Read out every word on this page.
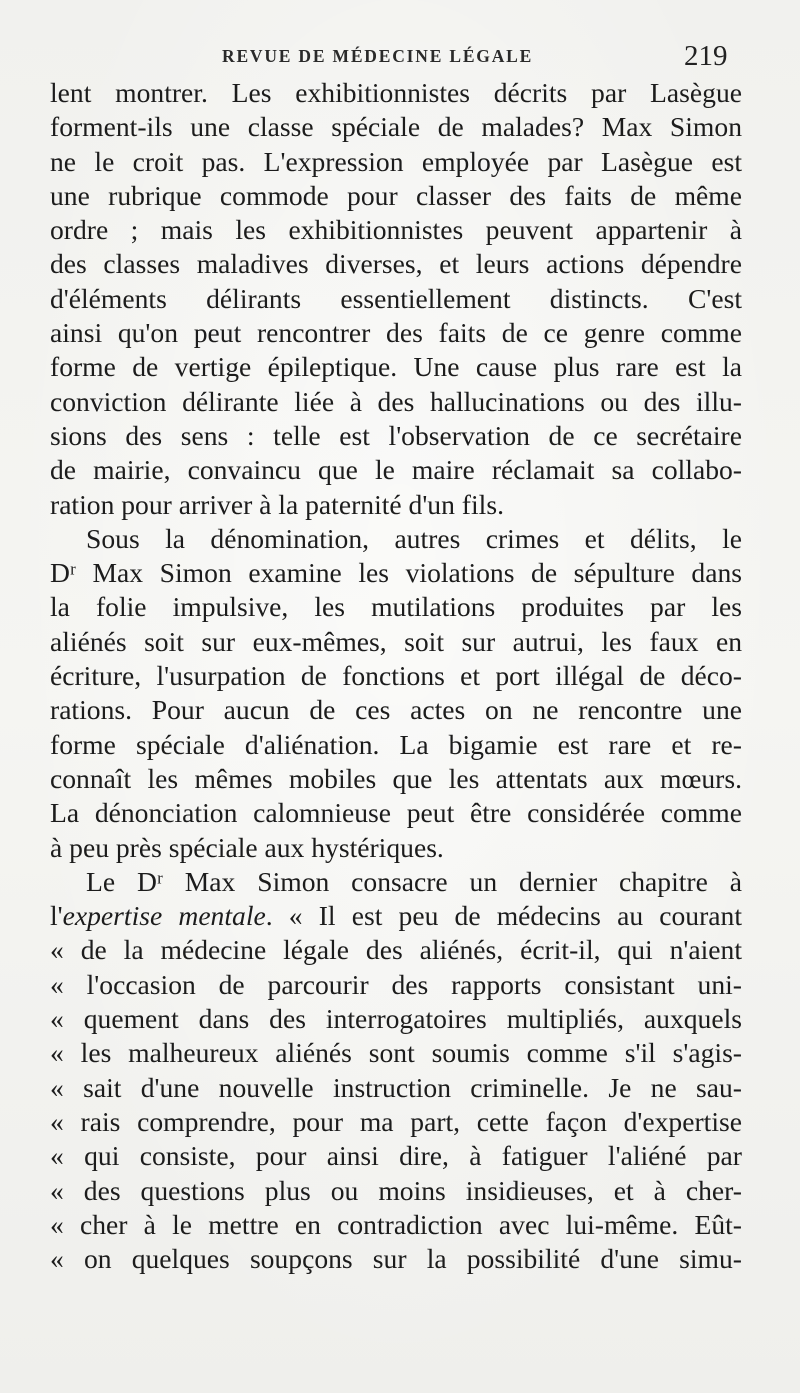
REVUE DE MÉDECINE LÉGALE	219
lent montrer. Les exhibitionnistes décrits par Lasègue
forment-ils une classe spéciale de malades? Max Simon
ne le croit pas. L'expression employée par Lasègue est
une rubrique commode pour classer des faits de même
ordre ; mais les exhibitionnistes peuvent appartenir à
des classes maladives diverses, et leurs actions dépendre
d'éléments délirants essentiellement distincts. C'est
ainsi qu'on peut rencontrer des faits de ce genre comme
forme de vertige épileptique. Une cause plus rare est la
conviction délirante liée à des hallucinations ou des illu-
sions des sens : telle est l'observation de ce secrétaire
de mairie, convaincu que le maire réclamait sa collabo-
ration pour arriver à la paternité d'un fils.
Sous la dénomination, autres crimes et délits, le
Dʳ Max Simon examine les violations de sépulture dans
la folie impulsive, les mutilations produites par les
aliénés soit sur eux-mêmes, soit sur autrui, les faux en
écriture, l'usurpation de fonctions et port illégal de déco-
rations. Pour aucun de ces actes on ne rencontre une
forme spéciale d'aliénation. La bigamie est rare et re-
connaît les mêmes mobiles que les attentats aux mœurs.
La dénonciation calomnieuse peut être considérée comme
à peu près spéciale aux hystériques.
Le Dʳ Max Simon consacre un dernier chapitre à
l'expertise mentale. « Il est peu de médecins au courant
« de la médecine légale des aliénés, écrit-il, qui n'aient
« l'occasion de parcourir des rapports consistant uni-
« quement dans des interrogatoires multipliés, auxquels
« les malheureux aliénés sont soumis comme s'il s'agis-
« sait d'une nouvelle instruction criminelle. Je ne sau-
« rais comprendre, pour ma part, cette façon d'expertise
« qui consiste, pour ainsi dire, à fatiguer l'aliéné par
« des questions plus ou moins insidieuses, et à cher-
« cher à le mettre en contradiction avec lui-même. Eût-
« on quelques soupçons sur la possibilité d'une simu-
